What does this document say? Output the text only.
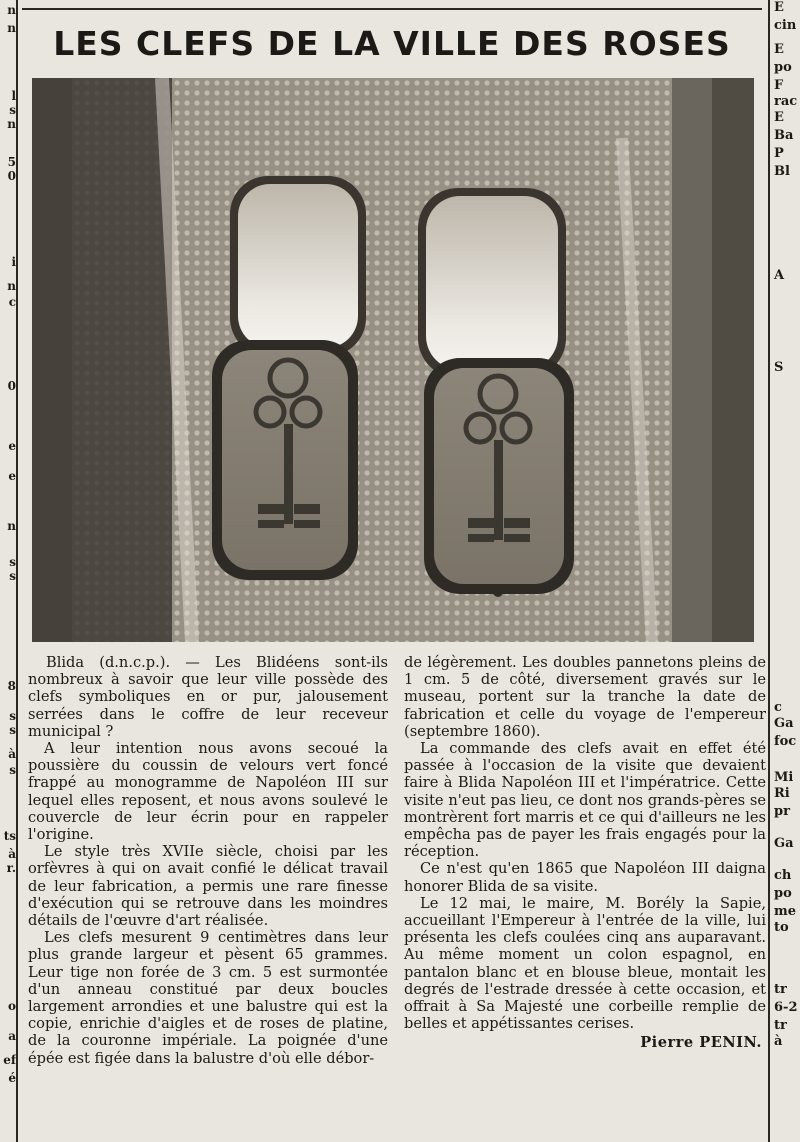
n
n
l
s
n
5
0
i
n
c
0
e
e
n
s
s
8
s
s
à
s
ts
à
r.
o
a
ef
é
E
cin
E
po
F
rac
E
Ba
P
Bl
A
S
c
Ga
foc
Mi
Ri
pr
Ga
ch
po
me
to
tr
6-2
tr
à
LES CLEFS DE LA VILLE DES ROSES

Blida (d.n.c.p.). — Les Blidéens sont-ils nombreux à savoir que leur ville possède des clefs symboliques en or pur, jalousement serrées dans le coffre de leur receveur municipal ?

A leur intention nous avons secoué la poussière du coussin de velours vert foncé frappé au monogramme de Napoléon III sur lequel elles reposent, et nous avons soulevé le couvercle de leur écrin pour en rappeler l'origine.

Le style très XVIIe siècle, choisi par les orfèvres à qui on avait confié le délicat travail de leur fabrication, a permis une rare finesse d'exécution qui se retrouve dans les moindres détails de l'œuvre d'art réalisée.

Les clefs mesurent 9 centimètres dans leur plus grande largeur et pèsent 65 grammes. Leur tige non forée de 3 cm. 5 est surmontée d'un anneau constitué par deux boucles largement arrondies et une balustre qui est la copie, enrichie d'aigles et de roses de platine, de la couronne impériale. La poignée d'une épée est figée dans la balustre d'où elle débor-

de légèrement. Les doubles pannetons pleins de 1 cm. 5 de côté, diversement gravés sur le museau, portent sur la tranche la date de fabrication et celle du voyage de l'empereur (septembre 1860).

La commande des clefs avait en effet été passée à l'occasion de la visite que devaient faire à Blida Napoléon III et l'impératrice. Cette visite n'eut pas lieu, ce dont nos grands-pères se montrèrent fort marris et ce qui d'ailleurs ne les empêcha pas de payer les frais engagés pour la réception.

Ce n'est qu'en 1865 que Napoléon III daigna honorer Blida de sa visite.

Le 12 mai, le maire, M. Borély la Sapie, accueillant l'Empereur à l'entrée de la ville, lui présenta les clefs coulées cinq ans auparavant. Au même moment un colon espagnol, en pantalon blanc et en blouse bleue, montait les degrés de l'estrade dressée à cette occasion, et offrait à Sa Majesté une corbeille remplie de belles et appétissantes cerises.

Pierre PENIN.
